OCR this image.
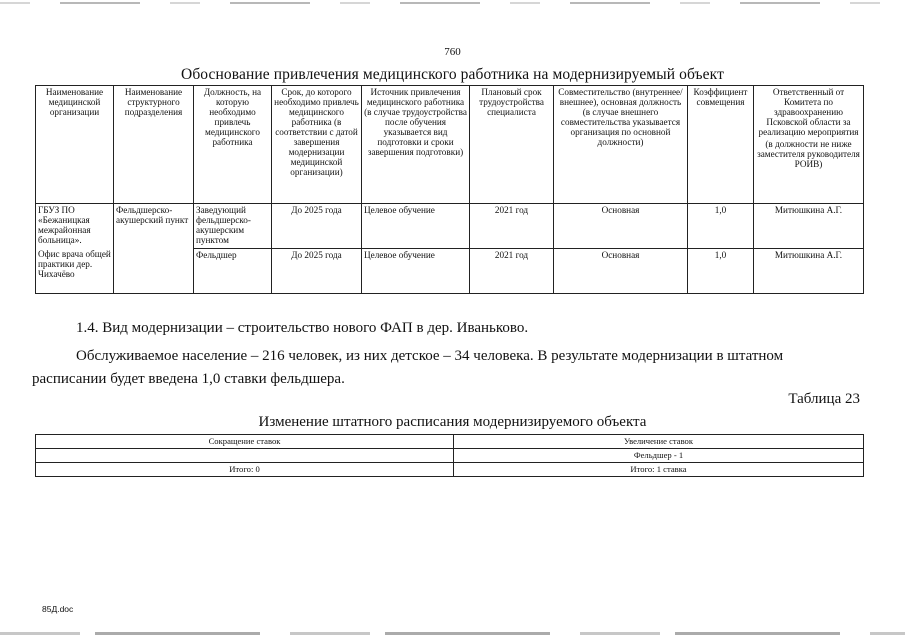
760
Обоснование привлечения медицинского работника на модернизируемый объект
Наименование медицинской организации	Наименование структурного подразделения	Должность, на которую необходимо привлечь медицинского работника	Срок, до которого необходимо привлечь медицинского работника (в соответствии с датой завершения модернизации медицинской организации)	Источник привлечения медицинского работника (в случае трудоустройства после обучения указывается вид подготовки и сроки завершения подготовки)	Плановый срок трудоустройства специалиста	Совместительство (внутреннее/внешнее), основная должность (в случае внешнего совместительства указывается организация по основной должности)	Коэффициент совмещения	Ответственный от Комитета по здравоохранению Псковской области за реализацию мероприятия
(в должности не ниже заместителя руководителя РОИВ)

ГБУЗ ПО «Бежаницкая межрайонная больница».
Офис врача общей практики дер. Чихачёво	Фельдшерско-акушерский пункт	Заведующий фельдшерско-акушерским пунктом	До 2025 года	Целевое обучение	2021 год	Основная	1,0	Митюшкина А.Г.
		Фельдшер	До 2025 года	Целевое обучение	2021 год	Основная	1,0	Митюшкина А.Г.
1.4. Вид модернизации – строительство нового ФАП в дер. Иваньково.
Обслуживаемое население – 216 человек, из них детское – 34 человека. В результате модернизации в штатном
расписании будет введена 1,0 ставки фельдшера.
Таблица 23
Изменение штатного расписания модернизируемого объекта
Сокращение ставок	Увеличение ставок
	Фельдшер - 1
Итого: 0	Итого: 1 ставка
85Д.doc
